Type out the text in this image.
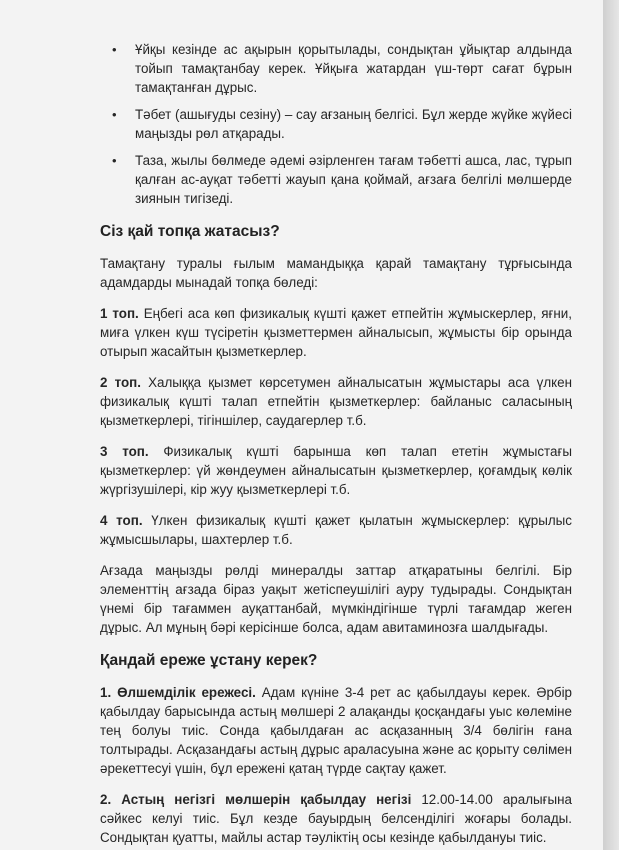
• Ұйқы кезінде ас ақырын қорытылады, сондықтан ұйықтар алдында тойып тамақтанбау керек. Ұйқыға жатардан үш-төрт сағат бұрын тамақтанған дұрыс.
• Тәбет (ашығуды сезіну) – сау ағзаның белгісі. Бұл жерде жүйке жүйесі маңызды рөл атқарады.
• Таза, жылы бөлмеде әдемі әзірленген тағам тәбетті ашса, лас, тұрып қалған ас-ауқат тәбетті жауып қана қоймай, ағзаға белгілі мөлшерде зиянын тигізеді.
Сіз қай топқа жатасыз?

Тамақтану туралы ғылым мамандыққа қарай тамақтану тұрғысында адамдарды мынадай топқа бөледі:

1 топ. Еңбегі аса көп физикалық күшті қажет етпейтін жұмыскерлер, яғни, миға үлкен күш түсіретін қызметтермен айналысып, жұмысты бір орында отырып жасайтын қызметкерлер.

2 топ. Халыққа қызмет көрсетумен айналысатын жұмыстары аса үлкен физикалық күшті талап етпейтін қызметкерлер: байланыс саласының қызметкерлері, тігіншілер, саудагерлер т.б.

3 топ. Физикалық күшті барынша көп талап ететін жұмыстағы қызметкерлер: үй жөндеумен айналысатын қызметкерлер, қоғамдық көлік жүргізушілері, кір жуу қызметкерлері т.б.

4 топ. Үлкен физикалық күшті қажет қылатын жұмыскерлер: құрылыс жұмысшылары, шахтерлер т.б.

Ағзада маңызды рөлді минералды заттар атқаратыны белгілі. Бір элементтің ағзада біраз уақыт жетіспеушілігі ауру тудырады. Сондықтан үнемі бір тағаммен ауқаттанбай, мүмкіндігінше түрлі тағамдар жеген дұрыс. Ал мұның бәрі керісінше болса, адам авитаминозға шалдығады.

Қандай ереже ұстану керек?

1. Өлшемділік ережесі. Адам күніне 3-4 рет ас қабылдауы керек. Әрбір қабылдау барысында астың мөлшері 2 алақанды қосқандағы уыс көлеміне тең болуы тиіс. Сонда қабылдаған ас асқазанның 3/4 бөлігін ғана толтырады. Асқазандағы астың дұрыс араласуына және ас қорыту сөлімен әрекеттесуі үшін, бұл ережені қатаң түрде сақтау қажет.

2. Астың негізгі мөлшерін қабылдау негізі 12.00-14.00 аралығына сәйкес келуі тиіс. Бұл кезде бауырдың белсенділігі жоғары болады. Сондықтан қуатты, майлы астар тәуліктің осы кезінде қабылдануы тиіс.
